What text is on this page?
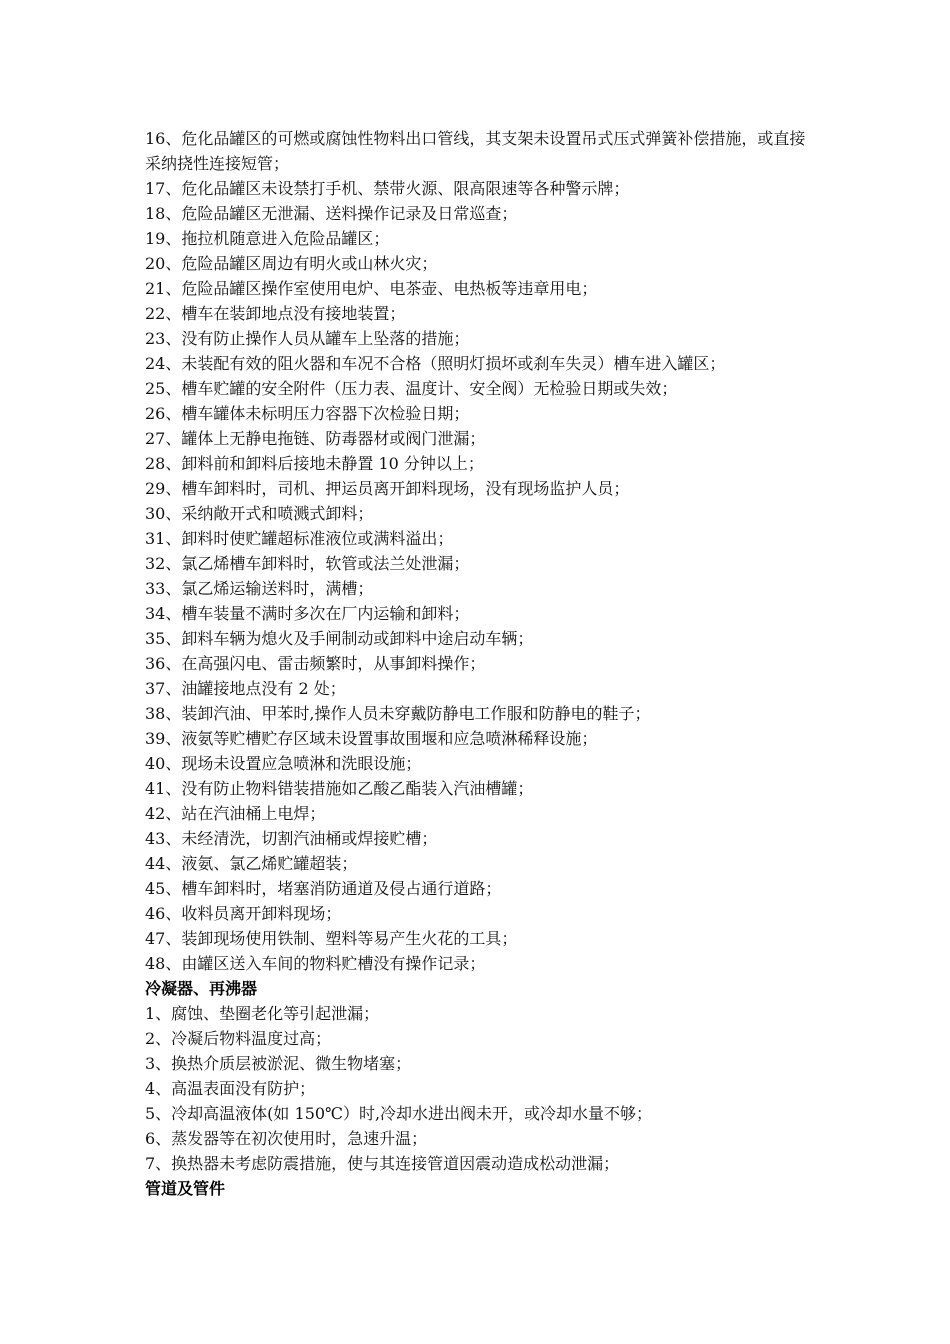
16、危化品罐区的可燃或腐蚀性物料出口管线，其支架未设置吊式压式弹簧补偿措施，或直接采纳挠性连接短管；
17、危化品罐区未设禁打手机、禁带火源、限高限速等各种警示牌；
18、危险品罐区无泄漏、送料操作记录及日常巡查；
19、拖拉机随意进入危险品罐区；
20、危险品罐区周边有明火或山林火灾；
21、危险品罐区操作室使用电炉、电茶壶、电热板等违章用电；
22、槽车在装卸地点没有接地装置；
23、没有防止操作人员从罐车上坠落的措施；
24、未装配有效的阻火器和车况不合格（照明灯损坏或刹车失灵）槽车进入罐区；
25、槽车贮罐的安全附件（压力表、温度计、安全阀）无检验日期或失效；
26、槽车罐体未标明压力容器下次检验日期；
27、罐体上无静电拖链、防毒器材或阀门泄漏；
28、卸料前和卸料后接地未静置 10 分钟以上；
29、槽车卸料时，司机、押运员离开卸料现场，没有现场监护人员；
30、采纳敞开式和喷溅式卸料；
31、卸料时使贮罐超标准液位或满料溢出；
32、氯乙烯槽车卸料时，软管或法兰处泄漏；
33、氯乙烯运输送料时，满槽；
34、槽车装量不满时多次在厂内运输和卸料；
35、卸料车辆为熄火及手闸制动或卸料中途启动车辆；
36、在高强闪电、雷击频繁时，从事卸料操作；
37、油罐接地点没有 2 处；
38、装卸汽油、甲苯时,操作人员未穿戴防静电工作服和防静电的鞋子；
39、液氨等贮槽贮存区域未设置事故围堰和应急喷淋稀释设施；
40、现场未设置应急喷淋和洗眼设施；
41、没有防止物料错装措施如乙酸乙酯装入汽油槽罐；
42、站在汽油桶上电焊；
43、未经清洗，切割汽油桶或焊接贮槽；
44、液氨、氯乙烯贮罐超装；
45、槽车卸料时，堵塞消防通道及侵占通行道路；
46、收料员离开卸料现场；
47、装卸现场使用铁制、塑料等易产生火花的工具；
48、由罐区送入车间的物料贮槽没有操作记录；
冷凝器、再沸器
1、腐蚀、垫圈老化等引起泄漏；
2、冷凝后物料温度过高；
3、换热介质层被淤泥、微生物堵塞；
4、高温表面没有防护；
5、冷却高温液体(如 150℃）时,冷却水进出阀未开，或冷却水量不够；
6、蒸发器等在初次使用时，急速升温；
7、换热器未考虑防震措施，使与其连接管道因震动造成松动泄漏；
管道及管件
